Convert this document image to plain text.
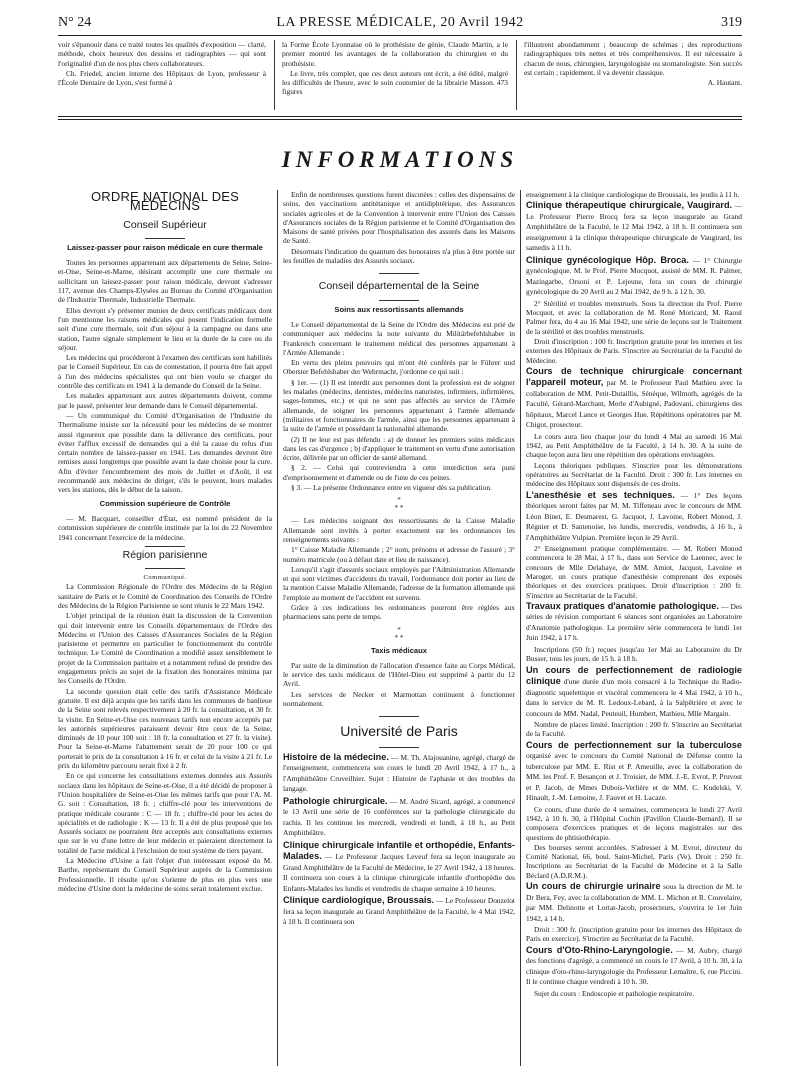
N° 24	LA PRESSE MÉDICALE, 20 Avril 1942	319

voir s'épanouir dans ce traité toutes les qualités d'exposition — clarté, méthode, choix heureux des dessins et radiographies — qui sont l'originalité d'un de nos plus chers collaborateurs.

Ch. Friedel, ancien interne des Hôpitaux de Lyon, professeur à l'École Dentaire de Lyon, s'est formé à

la Forme École Lyonnaise où le prothésiste de génie, Claude Martin, a le premier montré les avantages de la collaboration du chirurgien et du prothésiste.

Le livre, très complet, que ces deux auteurs ont écrit, a été édité, malgré les difficultés de l'heure, avec le soin coutumier de la librairie Masson. 473 figures

l'illustrent abondamment ; beaucoup de schémas ; des reproductions radiographiques très nettes et très compréhensives. Il est nécessaire à chacun de nous, chirurgien, laryngologiste ou stomatologiste. Son succès est certain ; rapidement, il va devenir classique.

A. Hautant.
INFORMATIONS
ORDRE NATIONAL DES MÉDECINS
Conseil Supérieur
Laissez-passer pour raison médicale en cure thermale

Toutes les personnes appartenant aux départements de Seine, Seine-et-Oise, Seine-et-Marne, désirant accomplir une cure thermale ou sollicitant un laissez-passer pour raison médicale, devront s'adresser 117, avenue des Champs-Elysées au Bureau du Comité d'Organisation de l'Industrie Thermale, Industrielle Thermale.

Elles devront s'y présenter munies de deux certificats médicaux dont l'un mentionne les raisons médicales qui posent l'indication formelle soit d'une cure thermale, soit d'un séjour à la campagne ou dans une station, l'autre signale simplement le lieu et la durée de la cure ou du séjour.

Les médecins qui procéderont à l'examen des certificats sont habilités par le Conseil Supérieur. En cas de contestation, il pourra être fait appel à l'un des médecins spécialistes qui ont bien voulu se charger du contrôle des certificats en 1941 à la demande du Conseil de la Seine.

Les malades appartenant aux autres départements doivent, comme par le passé, présenter leur demande dans le Conseil départemental.

— Un communiqué du Comité d'Organisation de l'Industrie du Thermalisme insiste sur la nécessité pour les médecins de se montrer aussi rigoureux que possible dans la délivrance des certificats, pour éviter l'afflux excessif de demandes qui a été la cause du refus d'un certain nombre de laissez-passer en 1941. Les demandes devront être remises aussi longtemps que possible avant la date choisie pour la cure. Afin d'éviter l'encombrement des mois de Juillet et d'Août, il est recommandé aux médecins de diriger, s'ils le peuvent, leurs malades vers les stations, dès le début de la saison.

Commission supérieure de Contrôle

— M. Bacquart, conseiller d'État, est nommé président de la commission supérieure de contrôle instituée par la loi du 22 Novembre 1941 concernant l'exercice de la médecine.

Région parisienne
Communiqué.

La Commission Régionale de l'Ordre des Médecins de la Région sanitaire de Paris et le Comité de Coordination des Conseils de l'Ordre des Médecins de la Région Parisienne se sont réunis le 22 Mars 1942.

L'objet principal de la réunion était la discussion de la Convention qui doit intervenir entre les Conseils départementaux de l'Ordre des Médecins et l'Union des Caisses d'Assurances Sociales de la Région parisienne et permettre en particulier le fonctionnement du contrôle technique. Le Comité de Coordination a modifié assez sensiblement le projet de la Commission paritaire et a notamment refusé de prendre des engagements précis au sujet de la fixation des honoraires minima par les Conseils de l'Ordre.

La seconde question était celle des tarifs d'Assistance Médicale gratuite. Il est déjà acquis que les tarifs dans les communes de banlieue de la Seine sont relevés respectivement à 20 fr. la consultation, et 30 fr. la visite. En Seine-et-Oise ces nouveaux tarifs non encore acceptés par les autorités supérieures paraissent devoir être ceux de la Seine, diminués de 10 pour 100 soit : 18 fr. la consultation et 27 fr. la visite). Pour la Seine-et-Marne l'abattement serait de 20 pour 100 ce qui porterait le prix de la consultation à 16 fr. et celui de la visite à 21 fr. Le prix du kilomètre parcouru serait fixé à 2 fr.

En ce qui concerne les consultations externes données aux Assurés sociaux dans les hôpitaux de Seine-et-Oise, il a été décidé de proposer à l'Union hospitalière de Seine-et-Oise les mêmes tarifs que pour l'A. M. G. soit : Consultation, 18 fr. ; chiffre-clé pour les interventions de pratique médicale courante : C — 18 fr. ; chiffre-clé pour les actes de spécialités et de radiologie : K — 13 fr. Il a été de plus proposé que les Assurés sociaux ne pourraient être acceptés aux consultations externes que sur le vu d'une lettre de leur médecin et paieraient directement la totalité de l'acte médical à l'exclusion de tout système de tiers payant.

La Médecine d'Usine a fait l'objet d'un intéressant exposé du M. Barthe, représentant du Conseil Supérieur auprès de la Commission Professionnelle. Il résulte qu'on s'oriente de plus en plus vers une médecine d'Usine dont la médecine de soins serait totalement exclue.

Enfin de nombreuses questions furent discutées : celles des dispensaires de soins, des vaccinations antitétanique et antidiphtérique, des Assurances sociales agricoles et de la Convention à intervenir entre l'Union des Caisses d'Assurances sociales de la Région parisienne et le Comité d'Organisation des Maisons de santé privées pour l'hospitalisation des assurés dans les Maisons de Santé.

Désormais l'indication du quantum des honoraires n'a plus à être portée sur les feuilles de maladies des Assurés sociaux.

Conseil départemental de la Seine
Soins aux ressortissants allemands

Le Conseil départemental de la Seine de l'Ordre des Médecins est prié de communiquer aux médecins la note suivante du Militärbefehlshaber in Frankreich concernant le traitement médical des personnes appartenant à l'Armée Allemande :

En vertu des pleins pouvoirs qui m'ont été conférés par le Führer und Oberster Befehlshaber der Wehrmacht, j'ordonne ce qui suit :

§ 1er. — (1) Il est interdit aux personnes dont la profession est de soigner les malades (médecins, dentistes, médecins naturistes, infirmiers, infirmières, sages-femmes, etc.) et qui ne sont pas affectés au service de l'Armée allemande, de soigner les personnes appartenant à l'armée allemande (militaires et fonctionnaires de l'armée, ainsi que les personnes appartenant à la suite de l'armée et possédant la nationalité allemande.

(2) Il ne leur est pas défendu : a) de donner les premiers soins médicaux dans les cas d'urgence ; b) d'appliquer le traitement en vertu d'une autorisation écrite, délivrée par un officier de santé allemand.

§ 2. — Celui qui contreviendra à cette interdiction sera puni d'emprisonnement et d'amende ou de l'une de ces peines.

§ 3. — La présente Ordonnance entre en vigueur dès sa publication.

*
* *

— Les médecins soignant des ressortissants de la Caisse Maladie Allemande sont invités à porter exactement sur les ordonnances les renseignements suivants :

1° Caisse Maladie Allemande ; 2° nom, prénoms et adresse de l'assuré ; 3° numéro matricule (ou à défaut date et lieu de naissance).

Lorsqu'il s'agit d'assurés sociaux employés par l'Administration Allemande et qui sont victimes d'accidents du travail, l'ordonnance doit porter au lieu de la mention Caisse Maladie Allemande, l'adresse de la formation allemande qui l'emploie au moment de l'accident est survenu.

Grâce à ces indications les ordonnances pourront être réglées aux pharmaciens sans perte de temps.

*
* *
Taxis médicaux

Par suite de la diminution de l'allocation d'essence faite au Corps Médical, le service des taxis médicaux de l'Hôtel-Dieu est supprimé à partir du 12 Avril.

Les services de Necker et Marmottan continuent à fonctionner normalement.

Université de Paris

Histoire de la médecine. — M. Th. Alajouanine, agrégé, chargé de l'enseignement, commencera son cours le lundi 20 Avril 1942, à 17 h., à l'Amphithéâtre Cruveilhier. Sujet : Histoire de l'aphasie et des troubles du langage.

Pathologie chirurgicale. — M. André Sicard, agrégé, a commencé le 13 Avril une série de 16 conférences sur la pathologie chirurgicale du rachis. Il les continue les mercredi, vendredi et lundi, à 18 h., au Petit Amphithéâtre.

Clinique chirurgicale infantile et orthopédie, Enfants-Malades. — Le Professeur Jacques Leveuf fera sa leçon inaugurale au Grand Amphithéâtre de la Faculté de Médecine, le 27 Avril 1942, à 18 heures. Il continuera son cours à la clinique chirurgicale infantile d'orthopédie des Enfants-Malades les lundis et vendredis de chaque semaine à 10 heures.

Clinique cardiologique, Broussais. — Le Professeur Donzelot fera sa leçon inaugurale au Grand Amphithéâtre de la Faculté, le 4 Mai 1942, à 18 h. Il continuera son

enseignement à la clinique cardiologique de Broussais, les jeudis à 11 h.

Clinique thérapeutique chirurgicale, Vaugirard. — Le Professeur Pierre Brocq fera sa leçon inaugurale au Grand Amphithéâtre de la Faculté, le 12 Mai 1942, à 18 h. Il continuera son enseignement à la clinique thérapeutique chirurgicale de Vaugirard, les samedis à 11 h.

Clinique gynécologique Hôp. Broca. — 1° Chirurgie gynécologique. M. le Prof. Pierre Mocquot, assisté de MM. R. Palmer, Mazingarbe, Orsoni et P. Lejeune, fera un cours de chirurgie gynécologique du 20 Avril au 2 Mai 1942, de 9 h. à 12 h. 30.

2° Stérilité et troubles menstruels. Sous la direction du Prof. Pierre Mocquot, et avec la collaboration de M. René Moricard, M. Raoul Palmer fera, du 4 au 16 Mai 1942, une série de leçons sur le Traitement de la stérilité et des troubles menstruels.

Droit d'inscription : 100 fr. Inscription gratuite pour les internes et les externes des Hôpitaux de Paris. S'inscrire au Secrétariat de la Faculté de Médecine.

Cours de technique chirurgicale concernant l'appareil moteur, par M. le Professeur Paul Mathieu avec la collaboration de MM. Petit-Dutaillis, Sénèque, Wilmoth, agrégés de la Faculté, Gérard-Marchant, Merle d'Aubigné, Padovani, chirurgiens des hôpitaux, Marcel Lance et Georges Hue. Répétitions opératoires par M. Chigot, prosecteur.

Le cours aura lieu chaque jour du lundi 4 Mai au samedi 16 Mai 1942, au Petit Amphithéâtre de la Faculté, à 14 h. 30. A la suite de chaque leçon aura lieu une répétition des opérations envisagées.

Leçons théoriques publiques. S'inscrire pour les démonstrations opératoires au Secrétariat de la Faculté. Droit : 300 fr. Les internes en médecine des Hôpitaux sont dispensés de ces droits.

L'anesthésie et ses techniques. — 1° Des leçons théoriques seront faites par M. M. Tiffeneau avec le concours de MM. Léon Binet, E. Desmarest, G. Jacquot, J. Lavoine, Robert Monod, J. Régnier et D. Santenoise, les lundis, mercredis, vendredis, à 16 h., à l'Amphithéâtre Vulpian. Première leçon le 29 Avril.

2° Enseignement pratique complémentaire. — M. Robert Monod commencera le 28 Mai, à 17 h., dans son Service de Laennec, avec le concours de Mlle Delahaye, de MM. Amiot, Jacquot, Lavoine et Maroger, un cours pratique d'anesthésie comprenant des exposés théoriques et des exercices pratiques. Droit d'inscription : 200 fr. S'inscrire au Secrétariat de la Faculté.

Travaux pratiques d'anatomie pathologique. — Des séries de révision comportant 6 séances sont organisées au Laboratoire d'Anatomie pathologique. La première série commencera le lundi 1er Juin 1942, à 17 h.

Inscriptions (50 fr.) reçues jusqu'au 1er Mai au Laboratoire du Dr Busser, tous les jours, de 15 h. à 18 h.

Un cours de perfectionnement de radiologie clinique d'une durée d'un mois consacré à la Technique du Radio-diagnostic squelettique et viscéral commencera le 4 Mai 1942, à 10 h., dans le service de M. R. Ledoux-Lebard, à la Salpêtrière et avec le concours de MM. Nadal, Peuteuil, Humbert, Mathieu, Mlle Margain.

Nombre de places limité. Inscription : 200 fr. S'inscrire au Secrétariat de la Faculté.

Cours de perfectionnement sur la tuberculose organisé avec le concours du Comité National de Défense contre la tuberculose par MM. E. Rist et P. Ameuille, avec la collaboration de MM. les Prof. F. Besançon et J. Troisier, de MM. J.-E. Evrot, P. Pruvost et P. Jacob, de Mmes Dubois-Verlière et de MM. C. Kudelski, V. Hinault, J.-M. Lemoine, J. Fauvet et H. Lacaze.

Ce cours, d'une durée de 4 semaines, commencera le lundi 27 Avril 1942, à 10 h. 30, à l'Hôpital Cochin (Pavillon Claude-Bernard). Il se composera d'exercices pratiques et de leçons magistrales sur des questions de phtisiothérapie.

Des bourses seront accordées. S'adresser à M. Evrot, directeur du Comité National, 66, boul. Saint-Michel, Paris (Ve). Droit : 250 fr. Inscriptions au Secrétariat de la Faculté de Médecine et à la Salle Béclard (A.D.R.M.).

Un cours de chirurgie urinaire sous la direction de M. le Dr Bera, Fey, avec la collaboration de MM. L. Michon et R. Couvelaire, par MM. Delinotte et Lortat-Jacob, prosecteurs, s'ouvrira le 1er Juin 1942, à 14 h.

Droit : 300 fr. (inscription gratuite pour les internes des Hôpitaux de Paris en exercice). S'inscrire au Secrétariat de la Faculté.

Cours d'Oto-Rhino-Laryngologie. — M. Aubry, chargé des fonctions d'agrégé, a commencé un cours le 17 Avril, à 10 h. 30, à la clinique d'oto-rhino-laryngologie du Professeur Lemaître, 6, rue Piccini. Il le continue chaque vendredi à 10 h. 30.

Sujet du cours : Endoscopie et pathologie respiratoire.
